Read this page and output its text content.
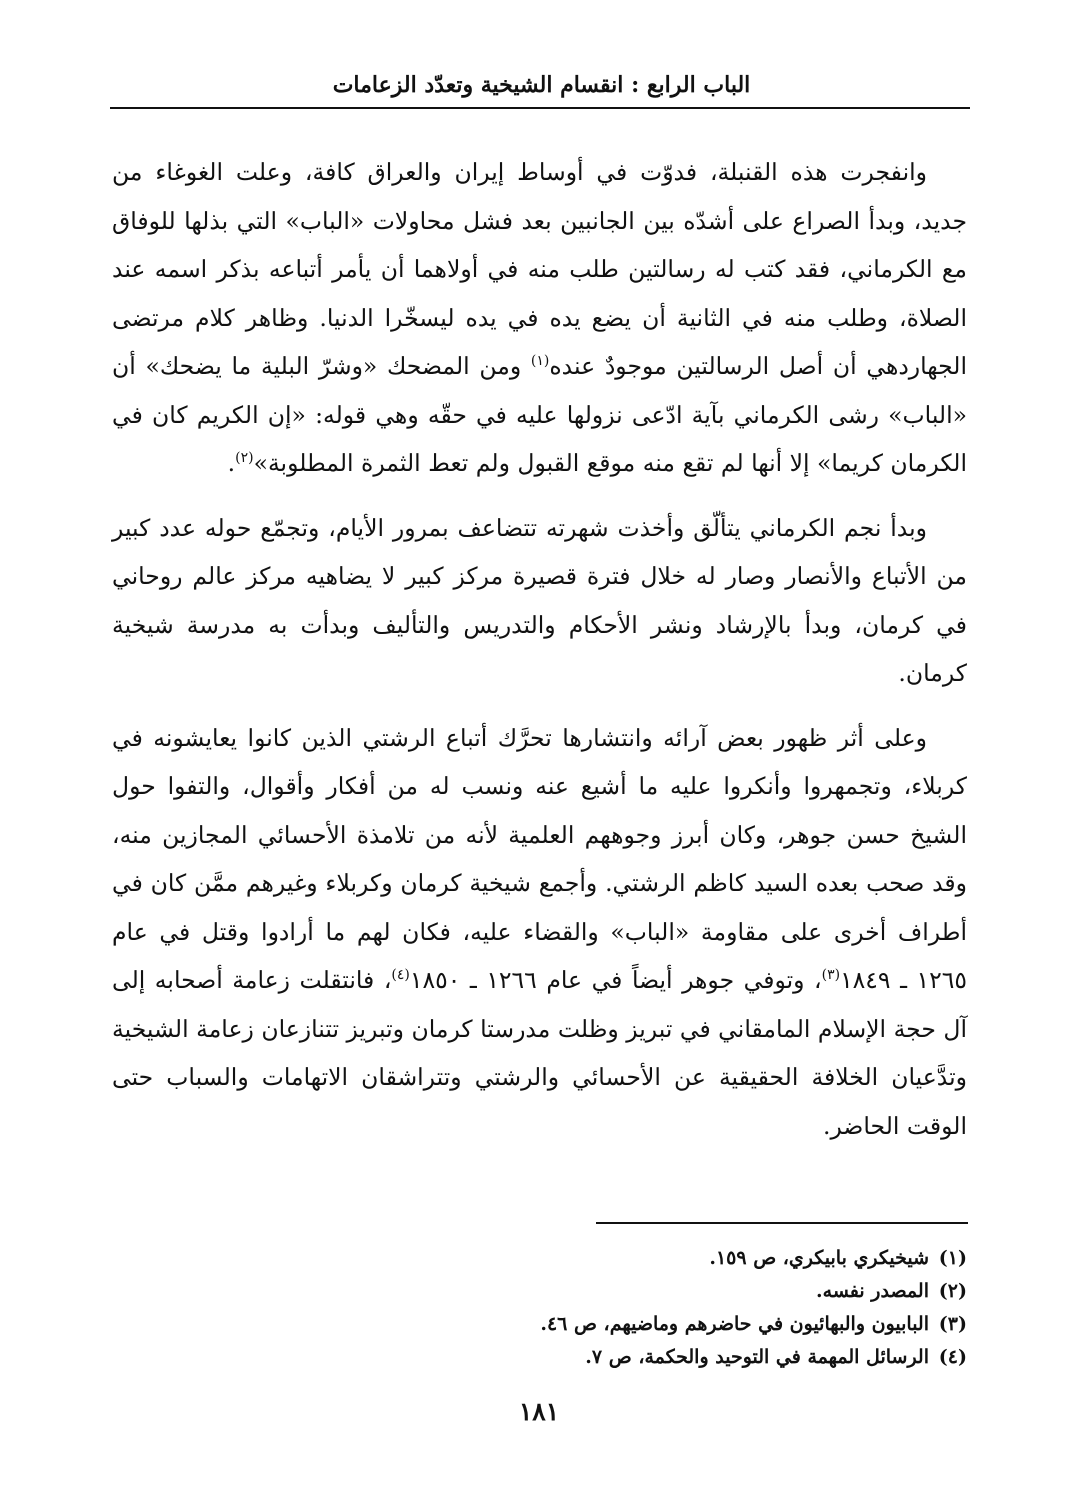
الباب الرابع : انقسام الشيخية وتعدّد الزعامات

وانفجرت هذه القنبلة، فدوّت في أوساط إيران والعراق كافة، وعلت الغوغاء من جديد، وبدأ الصراع على أشدّه بين الجانبين بعد فشل محاولات «الباب» التي بذلها للوفاق مع الكرماني، فقد كتب له رسالتين طلب منه في أولاهما أن يأمر أتباعه بذكر اسمه عند الصلاة، وطلب منه في الثانية أن يضع يده في يده ليسخّرا الدنيا. وظاهر كلام مرتضى الجهاردهي أن أصل الرسالتين موجودٌ عنده$^{(١)}$ ومن المضحك «وشرّ البلية ما يضحك» أن «الباب» رشى الكرماني بآية ادّعى نزولها عليه في حقّه وهي قوله: «إن الكريم كان في الكرمان كريما» إلا أنها لم تقع منه موقع القبول ولم تعط الثمرة المطلوبة»$^{(٢)}$.

وبدأ نجم الكرماني يتألّق وأخذت شهرته تتضاعف بمرور الأيام، وتجمّع حوله عدد كبير من الأتباع والأنصار وصار له خلال فترة قصيرة مركز كبير لا يضاهيه مركز عالم روحاني في كرمان، وبدأ بالإرشاد ونشر الأحكام والتدريس والتأليف وبدأت به مدرسة شيخية كرمان.

وعلى أثر ظهور بعض آرائه وانتشارها تحرَّك أتباع الرشتي الذين كانوا يعايشونه في كربلاء، وتجمهروا وأنكروا عليه ما أشيع عنه ونسب له من أفكار وأقوال، والتفوا حول الشيخ حسن جوهر، وكان أبرز وجوههم العلمية لأنه من تلامذة الأحسائي المجازين منه، وقد صحب بعده السيد كاظم الرشتي. وأجمع شيخية كرمان وكربلاء وغيرهم ممَّن كان في أطراف أخرى على مقاومة «الباب» والقضاء عليه، فكان لهم ما أرادوا وقتل في عام ١٢٦٥ ـ ١٨٤٩$^{(٣)}$، وتوفي جوهر أيضاً في عام ١٢٦٦ ـ ١٨٥٠$^{(٤)}$، فانتقلت زعامة أصحابه إلى آل حجة الإسلام المامقاني في تبريز وظلت مدرستا كرمان وتبريز تتنازعان زعامة الشيخية وتدَّعيان الخلافة الحقيقية عن الأحسائي والرشتي وتتراشقان الاتهامات والسباب حتى الوقت الحاضر.

(١)
شيخيكري بابيكري، ص ١٥٩.
(٢)
المصدر نفسه.
(٣)
البابيون والبهائيون في حاضرهم وماضيهم، ص ٤٦.
(٤)
الرسائل المهمة في التوحيد والحكمة، ص ٧.
١٨١
